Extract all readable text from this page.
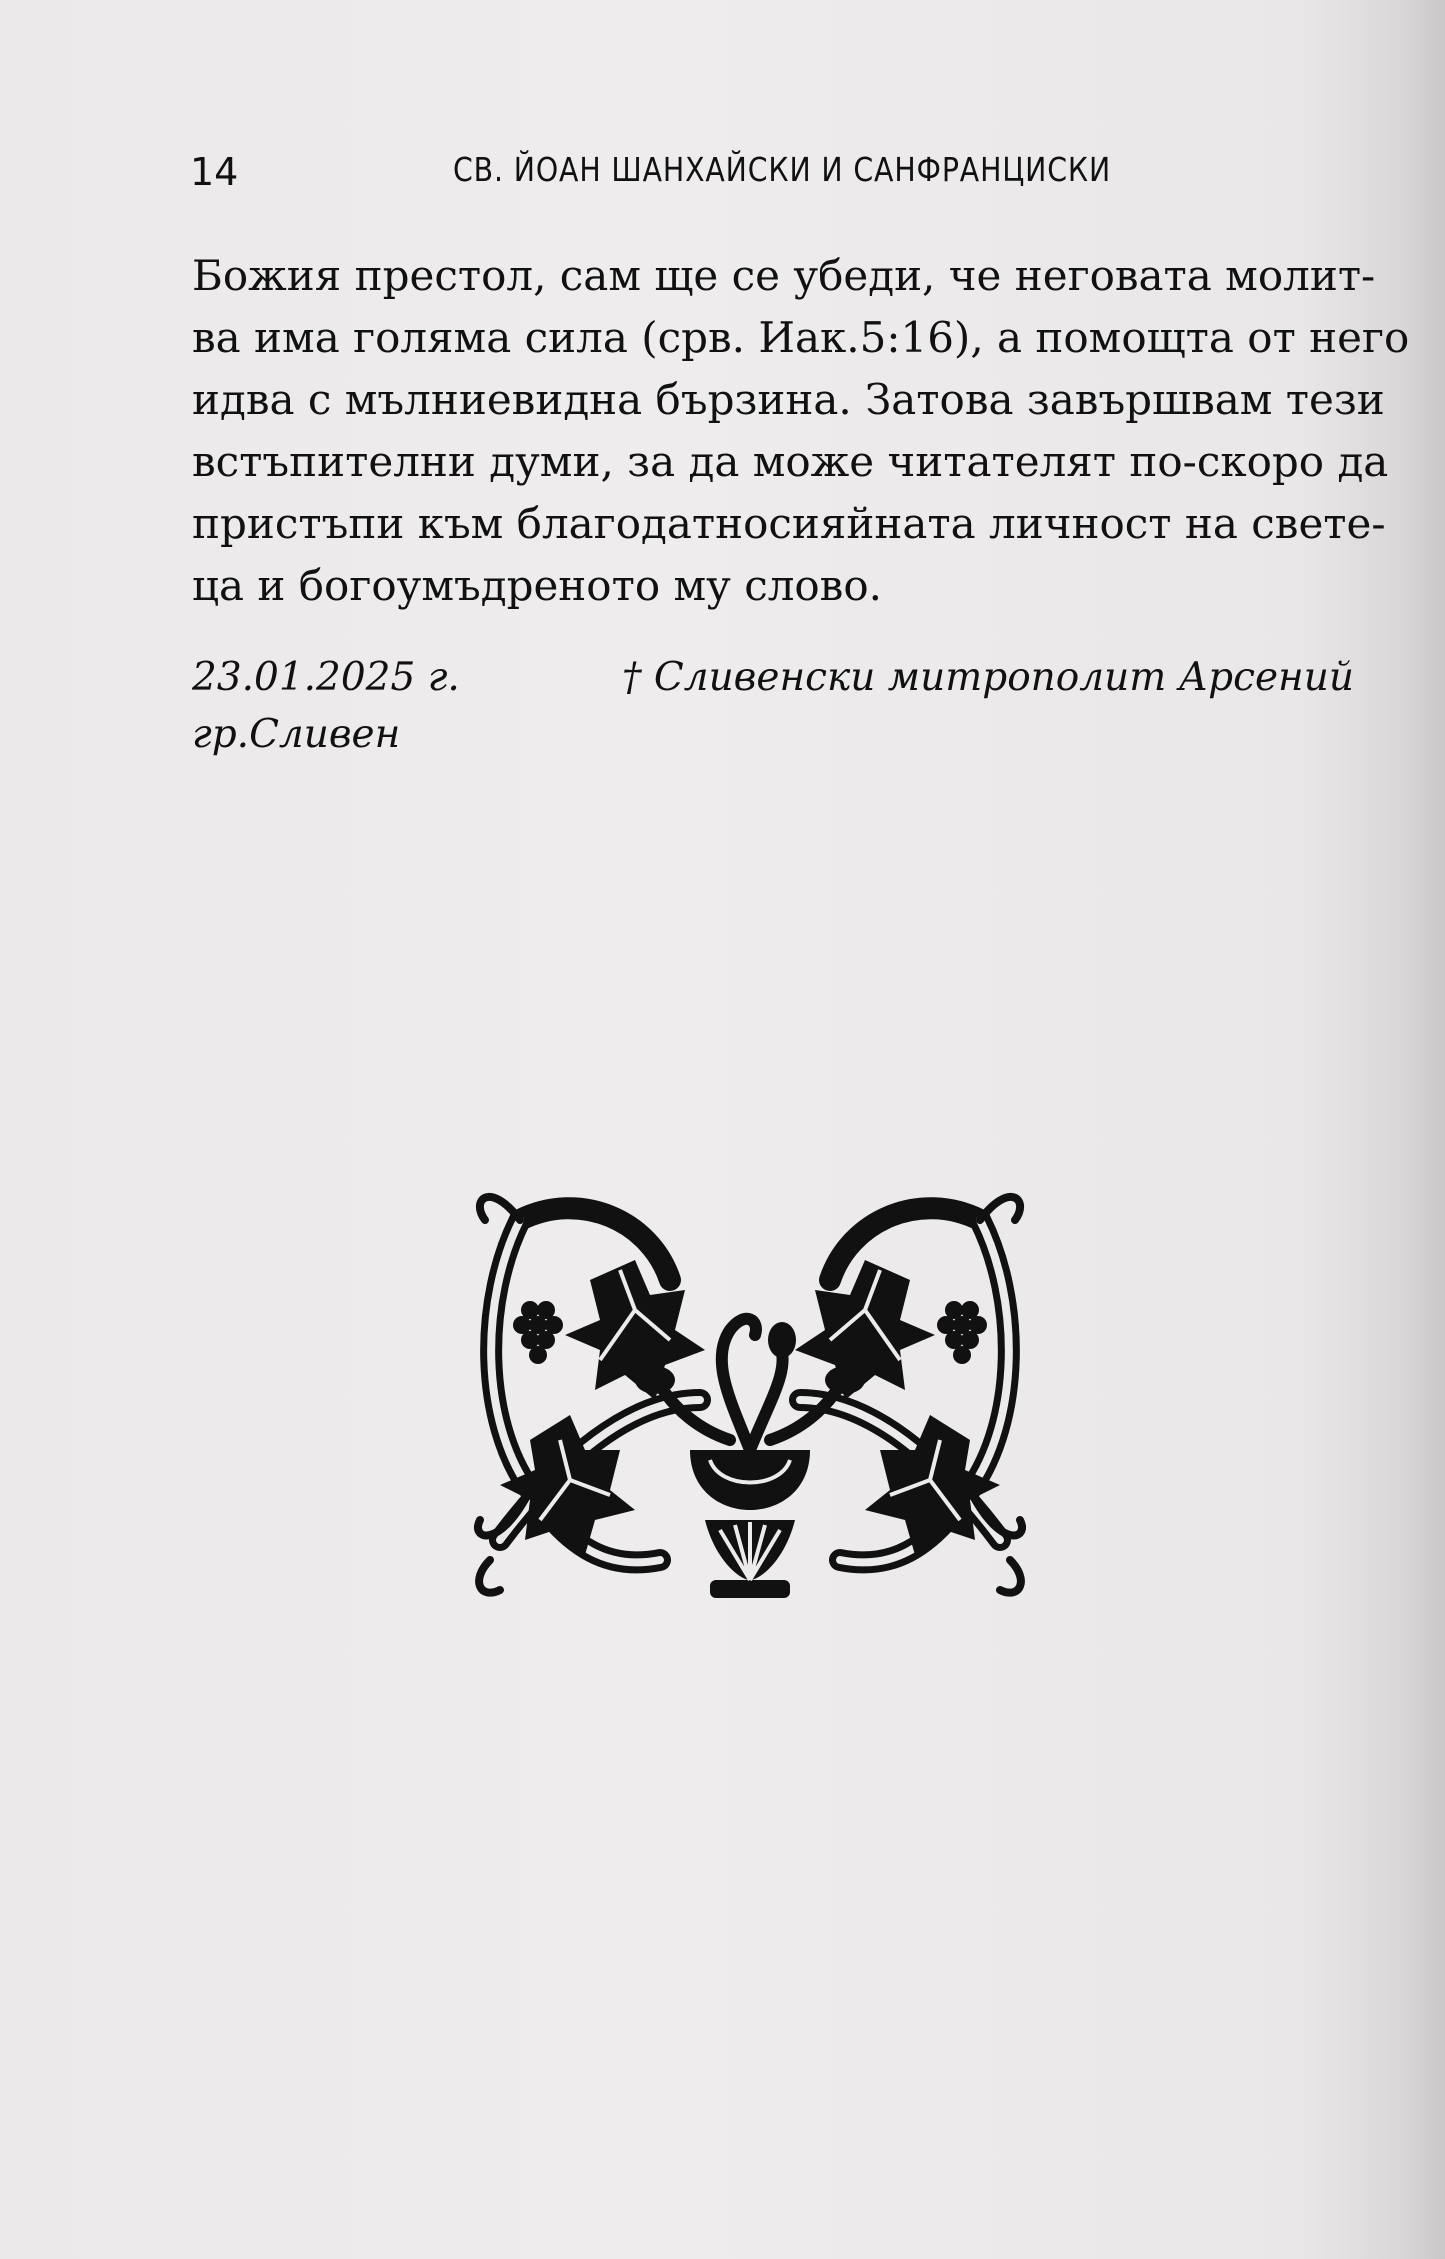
14	СВ. ЙОАН ШАНХАЙСКИ И САНФРАНЦИСКИ

Божия престол, сам ще се убеди, че неговата молит-
ва има голяма сила (срв. Иак.5:16), а помощта от него
идва с мълниевидна бързина. Затова завършвам тези
встъпителни думи, за да може читателят по-скоро да
пристъпи към благодатносияйната личност на свете-
ца и богоумъдреното му слово.

23.01.2025 г.
гр.Сливен
† Сливенски митрополит Арсений
